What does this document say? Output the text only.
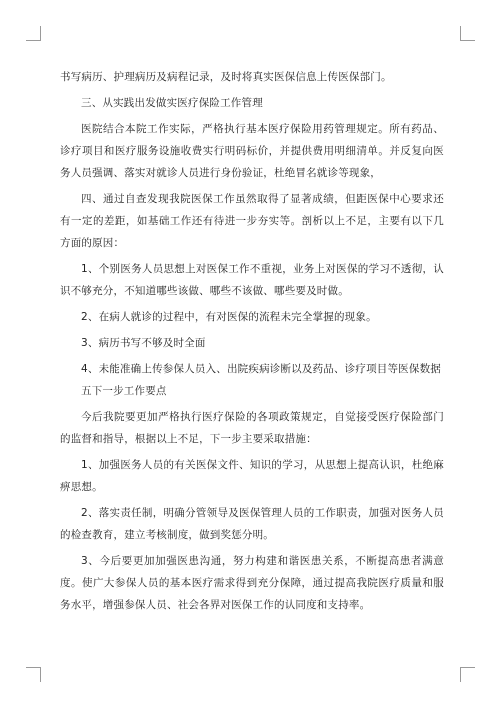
书写病历、护理病历及病程记录，及时将真实医保信息上传医保部门。

三、从实践出发做实医疗保险工作管理

医院结合本院工作实际，严格执行基本医疗保险用药管理规定。所有药品、诊疗项目和医疗服务设施收费实行明码标价，并提供费用明细清单。并反复向医务人员强调、落实对就诊人员进行身份验证，杜绝冒名就诊等现象，

四、通过自查发现我院医保工作虽然取得了显著成绩，但距医保中心要求还有一定的差距，如基础工作还有待进一步夯实等。剖析以上不足，主要有以下几方面的原因：

1、个别医务人员思想上对医保工作不重视，业务上对医保的学习不透彻，认识不够充分，不知道哪些该做、哪些不该做、哪些要及时做。

2、在病人就诊的过程中，有对医保的流程未完全掌握的现象。

3、病历书写不够及时全面

4、未能准确上传参保人员入、出院疾病诊断以及药品、诊疗项目等医保数据

五下一步工作要点

今后我院要更加严格执行医疗保险的各项政策规定，自觉接受医疗保险部门的监督和指导，根据以上不足，下一步主要采取措施：

1、加强医务人员的有关医保文件、知识的学习，从思想上提高认识，杜绝麻痹思想。

2、落实责任制，明确分管领导及医保管理人员的工作职责，加强对医务人员的检查教育，建立考核制度，做到奖惩分明。

3、今后要更加加强医患沟通，努力构建和谐医患关系，不断提高患者满意度。使广大参保人员的基本医疗需求得到充分保障，通过提高我院医疗质量和服务水平，增强参保人员、社会各界对医保工作的认同度和支持率。
